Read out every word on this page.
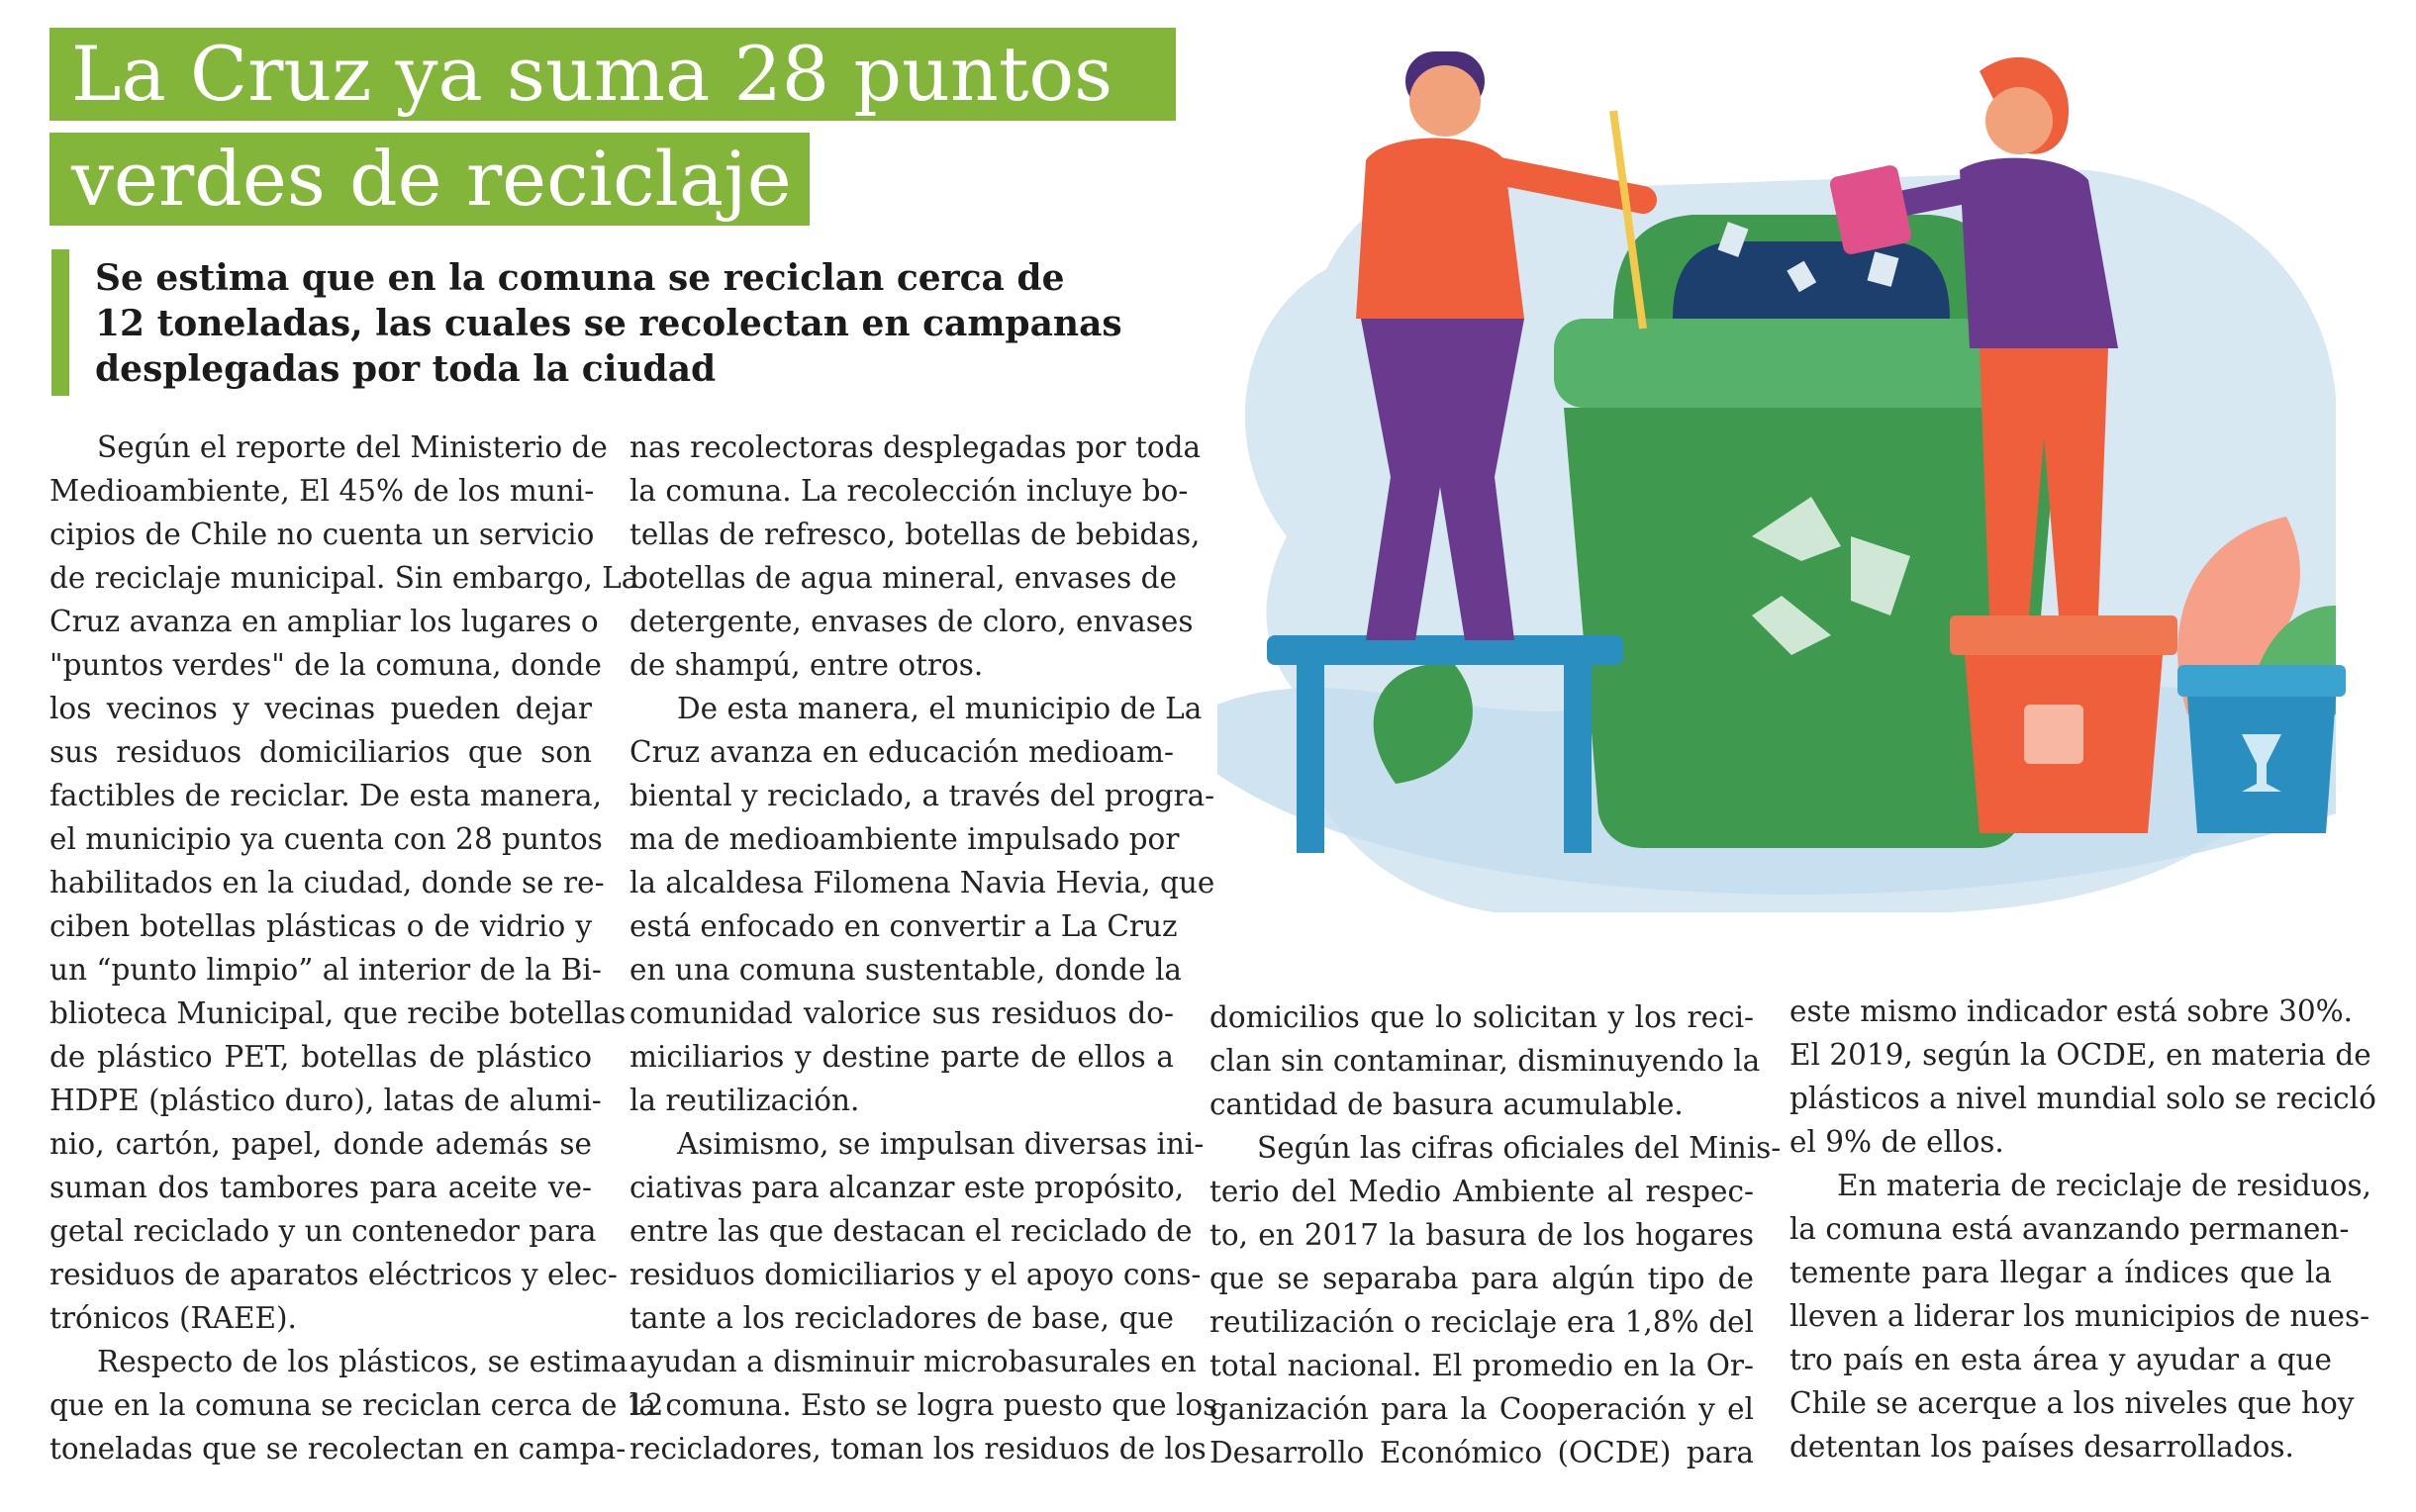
La Cruz ya suma 28 puntos
verdes de reciclaje

Se estima que en la comuna se reciclan cerca de

12 toneladas, las cuales se recolectan en campanas

desplegadas por toda la ciudad

Según el reporte del Ministerio de

Medioambiente, El 45% de los muni-

cipios de Chile no cuenta un servicio

de reciclaje municipal. Sin embargo, La

Cruz avanza en ampliar los lugares o

"puntos verdes" de la comuna, donde

los vecinos y vecinas pueden dejar

sus residuos domiciliarios que son

factibles de reciclar. De esta manera,

el municipio ya cuenta con 28 puntos

habilitados en la ciudad, donde se re-

ciben botellas plásticas o de vidrio y

un “punto limpio” al interior de la Bi-

blioteca Municipal, que recibe botellas

de plástico PET, botellas de plástico

HDPE (plástico duro), latas de alumi-

nio, cartón, papel, donde además se

suman dos tambores para aceite ve-

getal reciclado y un contenedor para

residuos de aparatos eléctricos y elec-

trónicos (RAEE).

Respecto de los plásticos, se estima

que en la comuna se reciclan cerca de 12

toneladas que se recolectan en campa-

nas recolectoras desplegadas por toda

la comuna. La recolección incluye bo-

tellas de refresco, botellas de bebidas,

botellas de agua mineral, envases de

detergente, envases de cloro, envases

de shampú, entre otros.

De esta manera, el municipio de La

Cruz avanza en educación medioam-

biental y reciclado, a través del progra-

ma de medioambiente impulsado por

la alcaldesa Filomena Navia Hevia, que

está enfocado en convertir a La Cruz

en una comuna sustentable, donde la

comunidad valorice sus residuos do-

miciliarios y destine parte de ellos a

la reutilización.

Asimismo, se impulsan diversas ini-

ciativas para alcanzar este propósito,

entre las que destacan el reciclado de

residuos domiciliarios y el apoyo cons-

tante a los recicladores de base, que

ayudan a disminuir microbasurales en

la comuna. Esto se logra puesto que los

recicladores, toman los residuos de los

domicilios que lo solicitan y los reci-

clan sin contaminar, disminuyendo la

cantidad de basura acumulable.

Según las cifras oficiales del Minis-

terio del Medio Ambiente al respec-

to, en 2017 la basura de los hogares

que se separaba para algún tipo de

reutilización o reciclaje era 1,8% del

total nacional. El promedio en la Or-

ganización para la Cooperación y el

Desarrollo Económico (OCDE) para

este mismo indicador está sobre 30%.

El 2019, según la OCDE, en materia de

plásticos a nivel mundial solo se recicló

el 9% de ellos.

En materia de reciclaje de residuos,

la comuna está avanzando permanen-

temente para llegar a índices que la

lleven a liderar los municipios de nues-

tro país en esta área y ayudar a que

Chile se acerque a los niveles que hoy

detentan los países desarrollados.
